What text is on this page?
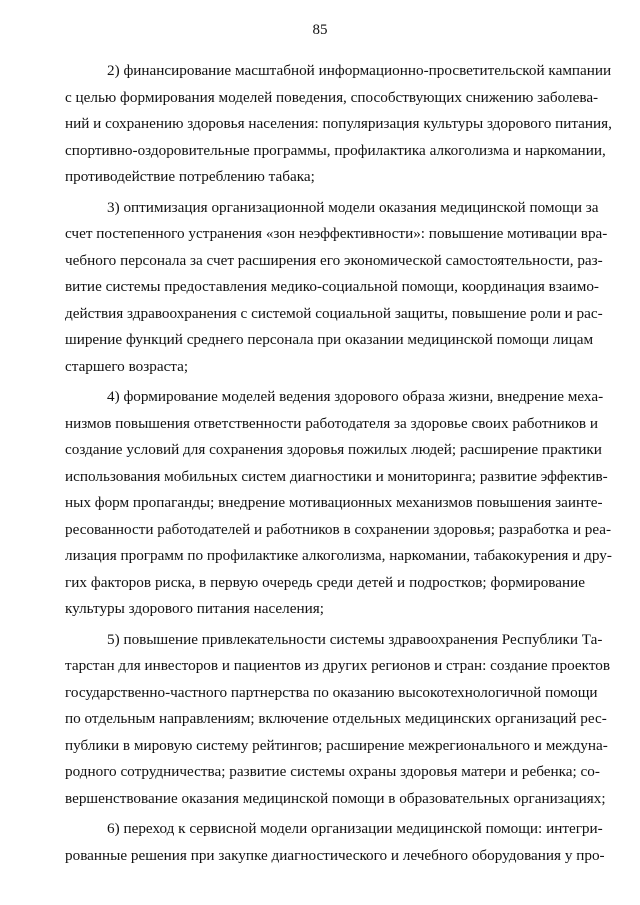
85
2) финансирование масштабной информационно-просветительской кампании
с целью формирования моделей поведения, способствующих снижению заболева-
ний и сохранению здоровья населения: популяризация культуры здорового питания,
спортивно-оздоровительные программы, профилактика алкоголизма и наркомании,
противодействие потреблению табака;
3) оптимизация организационной модели оказания медицинской помощи за
счет постепенного устранения «зон неэффективности»: повышение мотивации вра-
чебного персонала за счет расширения его экономической самостоятельности, раз-
витие системы предоставления медико-социальной помощи, координация взаимо-
действия здравоохранения с системой социальной защиты, повышение роли и рас-
ширение функций среднего персонала при оказании медицинской помощи лицам
старшего возраста;
4) формирование моделей ведения здорового образа жизни, внедрение меха-
низмов повышения ответственности работодателя за здоровье своих работников и
создание условий для сохранения здоровья пожилых людей; расширение практики
использования мобильных систем диагностики и мониторинга; развитие эффектив-
ных форм пропаганды; внедрение мотивационных механизмов повышения заинте-
ресованности работодателей и работников в сохранении здоровья; разработка и реа-
лизация программ по профилактике алкоголизма, наркомании, табакокурения и дру-
гих факторов риска, в первую очередь среди детей и подростков; формирование
культуры здорового питания населения;
5) повышение привлекательности системы здравоохранения Республики Та-
тарстан для инвесторов и пациентов из других регионов и стран: создание проектов
государственно-частного партнерства по оказанию высокотехнологичной помощи
по отдельным направлениям; включение отдельных медицинских организаций рес-
публики в мировую систему рейтингов; расширение межрегионального и междуна-
родного сотрудничества; развитие системы охраны здоровья матери и ребенка; со-
вершенствование оказания медицинской помощи в образовательных организациях;
6) переход к сервисной модели организации медицинской помощи: интегри-
рованные решения при закупке диагностического и лечебного оборудования у про-
